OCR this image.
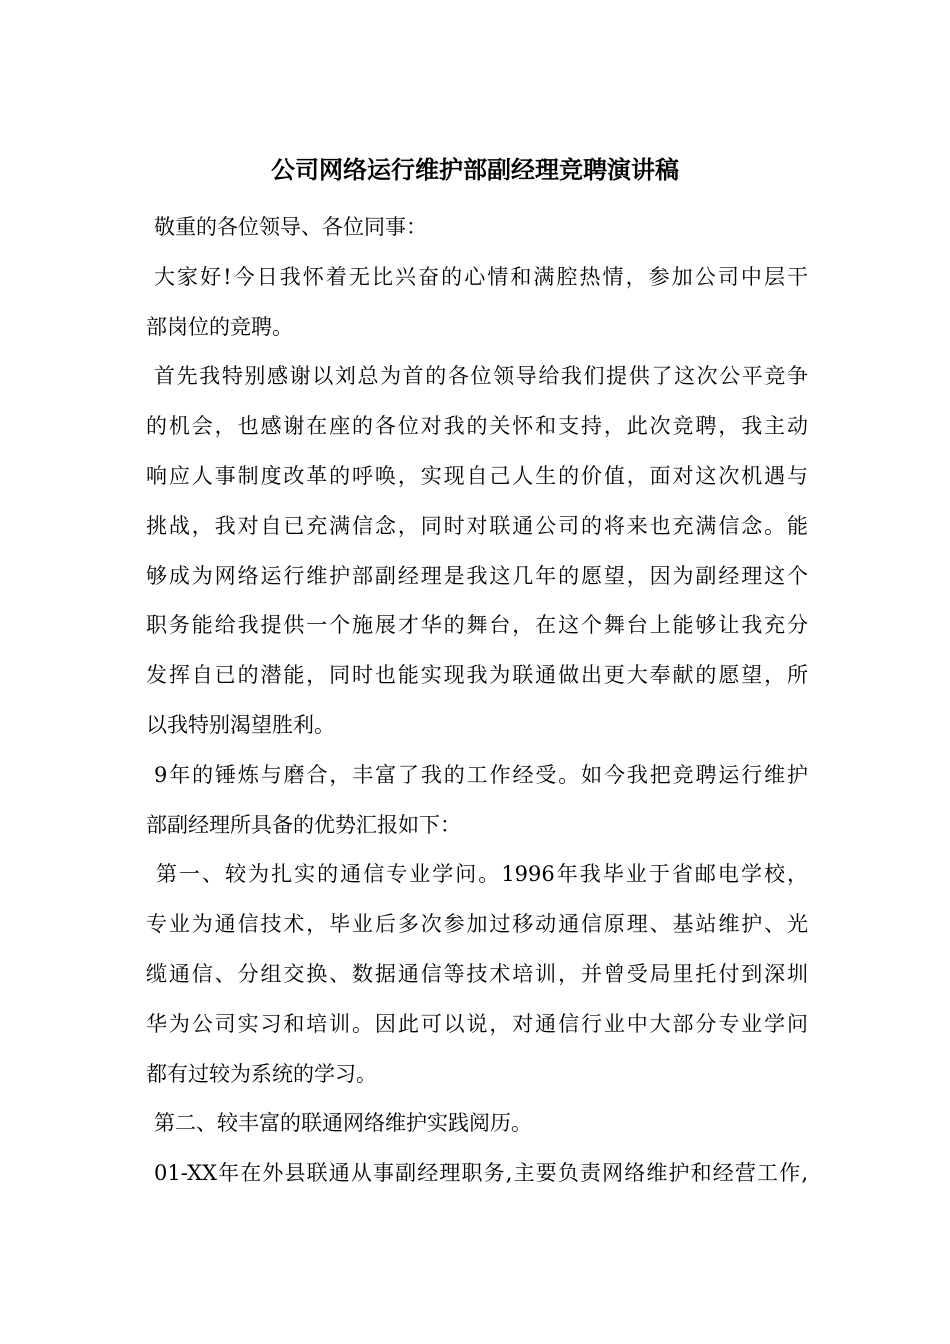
公司网络运行维护部副经理竞聘演讲稿
敬重的各位领导、各位同事：
大家好!今日我怀着无比兴奋的心情和满腔热情，参加公司中层干
部岗位的竞聘。
首先我特别感谢以刘总为首的各位领导给我们提供了这次公平竞争
的机会，也感谢在座的各位对我的关怀和支持，此次竞聘，我主动
响应人事制度改革的呼唤，实现自己人生的价值，面对这次机遇与
挑战，我对自已充满信念，同时对联通公司的将来也充满信念。能
够成为网络运行维护部副经理是我这几年的愿望，因为副经理这个
职务能给我提供一个施展才华的舞台，在这个舞台上能够让我充分
发挥自已的潜能，同时也能实现我为联通做出更大奉献的愿望，所
以我特别渴望胜利。
9年的锤炼与磨合，丰富了我的工作经受。如今我把竞聘运行维护
部副经理所具备的优势汇报如下：
第一、较为扎实的通信专业学问。1996年我毕业于省邮电学校，
专业为通信技术，毕业后多次参加过移动通信原理、基站维护、光
缆通信、分组交换、数据通信等技术培训，并曾受局里托付到深圳
华为公司实习和培训。因此可以说，对通信行业中大部分专业学问
都有过较为系统的学习。
第二、较丰富的联通网络维护实践阅历。
01-XX年在外县联通从事副经理职务,主要负责网络维护和经营工作,
